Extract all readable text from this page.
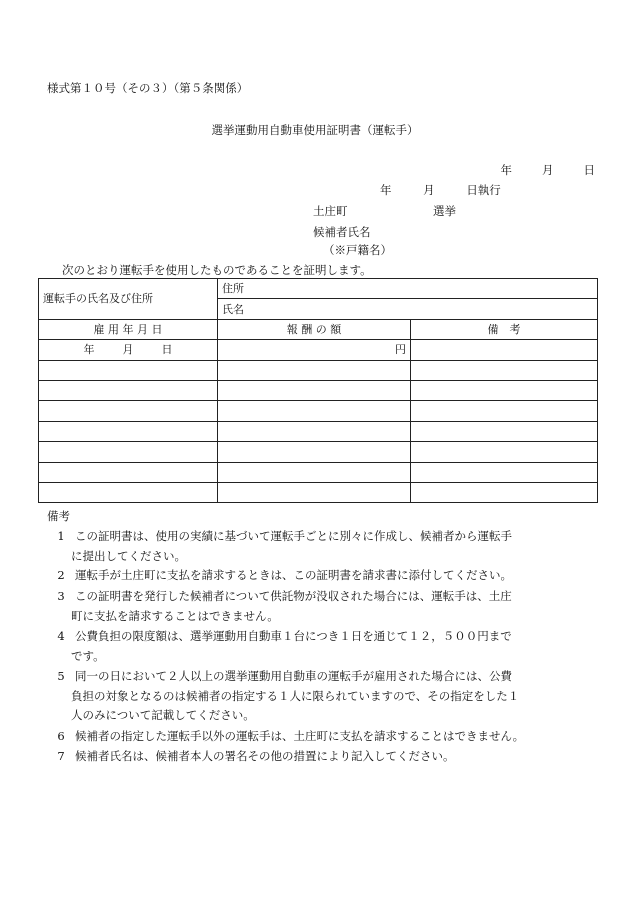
様式第１０号（その３）（第５条関係）
選挙運動用自動車使用証明書（運転手）
年	月	日
年	月	日執行
土庄町	選挙
候補者氏名
（※戸籍名）
次のとおり運転手を使用したものであることを証明します。
運転手の氏名及び住所	住所	
	氏名	
雇 用 年 月 日	報 酬 の 額	備　考
年 月 日	円	

備考
1 この証明書は、使用の実績に基づいて運転手ごとに別々に作成し、候補者から運転手
に提出してください。
2 運転手が土庄町に支払を請求するときは、この証明書を請求書に添付してください。
3 この証明書を発行した候補者について供託物が没収された場合には、運転手は、土庄
町に支払を請求することはできません。
4 公費負担の限度額は、選挙運動用自動車１台につき１日を通じて１２，５００円まで
です。
5 同一の日において２人以上の選挙運動用自動車の運転手が雇用された場合には、公費
負担の対象となるのは候補者の指定する１人に限られていますので、その指定をした１
人のみについて記載してください。
6 候補者の指定した運転手以外の運転手は、土庄町に支払を請求することはできません。
7 候補者氏名は、候補者本人の署名その他の措置により記入してください。
